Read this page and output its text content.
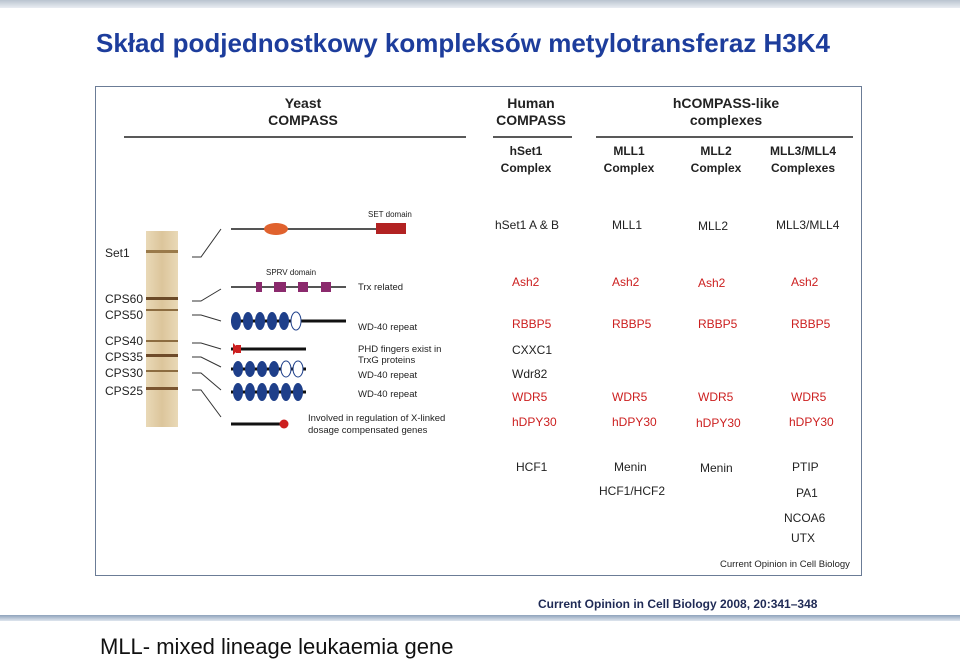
Skład podjednostkowy kompleksów metylotransferaz H3K4
Yeast
COMPASS
Human
COMPASS
hCOMPASS-like
complexes
hSet1
Complex
MLL1
Complex
MLL2
Complex
MLL3/MLL4
Complexes
Set1
CPS60
CPS50
CPS40
CPS35
CPS30
CPS25
SET domain
SPRV domain
Trx related
WD-40 repeat
PHD fingers exist in
TrxG proteins
WD-40 repeat
WD-40 repeat
Involved in regulation of X-linked
dosage compensated genes
hSet1 A & B
Ash2
RBBP5
CXXC1
Wdr82
WDR5
hDPY30
HCF1
MLL1
Ash2
RBBP5
WDR5
hDPY30
Menin
HCF1/HCF2
MLL2
Ash2
RBBP5
WDR5
hDPY30
Menin
MLL3/MLL4
Ash2
RBBP5
WDR5
hDPY30
PTIP
PA1
NCOA6
UTX
Current Opinion in Cell Biology
Current Opinion in Cell Biology 2008, 20:341–348
MLL- mixed lineage leukaemia gene
